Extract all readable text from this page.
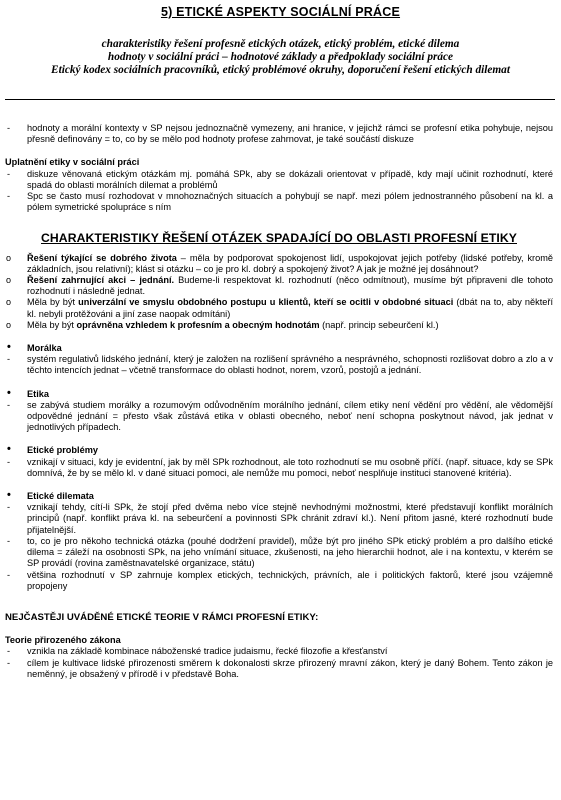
5) ETICKÉ ASPEKTY SOCIÁLNÍ PRÁCE
charakteristiky řešení profesně etických otázek, etický problém, etické dilema
hodnoty v sociální práci – hodnotové základy a předpoklady sociální práce
Etický kodex sociálních pracovníků, etický problémové okruhy, doporučení řešení etických dilemat
- hodnoty a morální kontexty v SP nejsou jednoznačně vymezeny, ani hranice, v jejichž rámci se profesní etika pohybuje, nejsou přesně definovány = to, co by se mělo pod hodnoty profese zahrnovat, je také součástí diskuze
Uplatnění etiky v sociální práci
- diskuze věnovaná etickým otázkám mj. pomáhá SPk, aby se dokázali orientovat v případě, kdy mají učinit rozhodnutí, které spadá do oblasti morálních dilemat a problémů
- Spc se často musí rozhodovat v mnohoznačných situacích a pohybují se např. mezi pólem jednostranného působení na kl. a pólem symetrické spolupráce s ním
CHARAKTERISTIKY ŘEŠENÍ OTÁZEK SPADAJÍCÍ DO OBLASTI PROFESNÍ ETIKY
o Řešení týkající se dobrého života – měla by podporovat spokojenost lidí, uspokojovat jejich potřeby (lidské potřeby, kromě základních, jsou relativní); klást si otázku – co je pro kl. dobrý a spokojený život? A jak je možné jej dosáhnout?
o Řešení zahrnující akci – jednání. Budeme-li respektovat kl. rozhodnutí (něco odmítnout), musíme být připraveni dle tohoto rozhodnutí i následně jednat.
o Měla by být univerzální ve smyslu obdobného postupu u klientů, kteří se ocitli v obdobné situaci (dbát na to, aby někteří kl. nebyli protěžováni a jiní zase naopak odmítáni)
o Měla by být oprávněna vzhledem k profesním a obecným hodnotám (např. princip sebeurčení kl.)
• Morálka
- systém regulativů lidského jednání, který je založen na rozlišení správného a nesprávného, schopnosti rozlišovat dobro a zlo a v těchto intencích jednat – včetně transformace do oblasti hodnot, norem, vzorů, postojů a jednání.
• Etika
- se zabývá studiem morálky a rozumovým odůvodněním morálního jednání, cílem etiky není vědění pro vědění, ale vědomější odpovědné jednání = přesto však zůstává etika v oblasti obecného, neboť není schopna poskytnout návod, jak jednat v jednotlivých případech.
• Etické problémy
- vznikají v situaci, kdy je evidentní, jak by měl SPk rozhodnout, ale toto rozhodnutí se mu osobně příčí. (např. situace, kdy se SPk domnívá, že by se mělo kl. v dané situaci pomoci, ale nemůže mu pomoci, neboť nesplňuje instituci stanovené kritéria).
• Etické dilemata
- vznikají tehdy, cítí-li SPk, že stojí před dvěma nebo více stejně nevhodnými možnostmi, které představují konflikt morálních principů (např. konflikt práva kl. na sebeurčení a povinnosti SPk chránit zdraví kl.). Není přitom jasné, které rozhodnutí bude přijatelnější.
- to, co je pro někoho technická otázka (pouhé dodržení pravidel), může být pro jiného SPk etický problém a pro dalšího etické dilema = záleží na osobnosti SPk, na jeho vnímání situace, zkušenosti, na jeho hierarchii hodnot, ale i na kontextu, v kterém se SP provádí (rovina zaměstnavatelské organizace, státu)
- většina rozhodnutí v SP zahrnuje komplex etických, technických, právních, ale i politických faktorů, které jsou vzájemně propojeny
NEJČASTĚJI UVÁDĚNÉ ETICKÉ TEORIE V RÁMCI PROFESNÍ ETIKY:
Teorie přirozeného zákona
- vznikla na základě kombinace náboženské tradice judaismu, řecké filozofie a křesťanství
- cílem je kultivace lidské přirozenosti směrem k dokonalosti skrze přirozený mravní zákon, který je daný Bohem. Tento zákon je neměnný, je obsažený v přírodě i v představě Boha.
